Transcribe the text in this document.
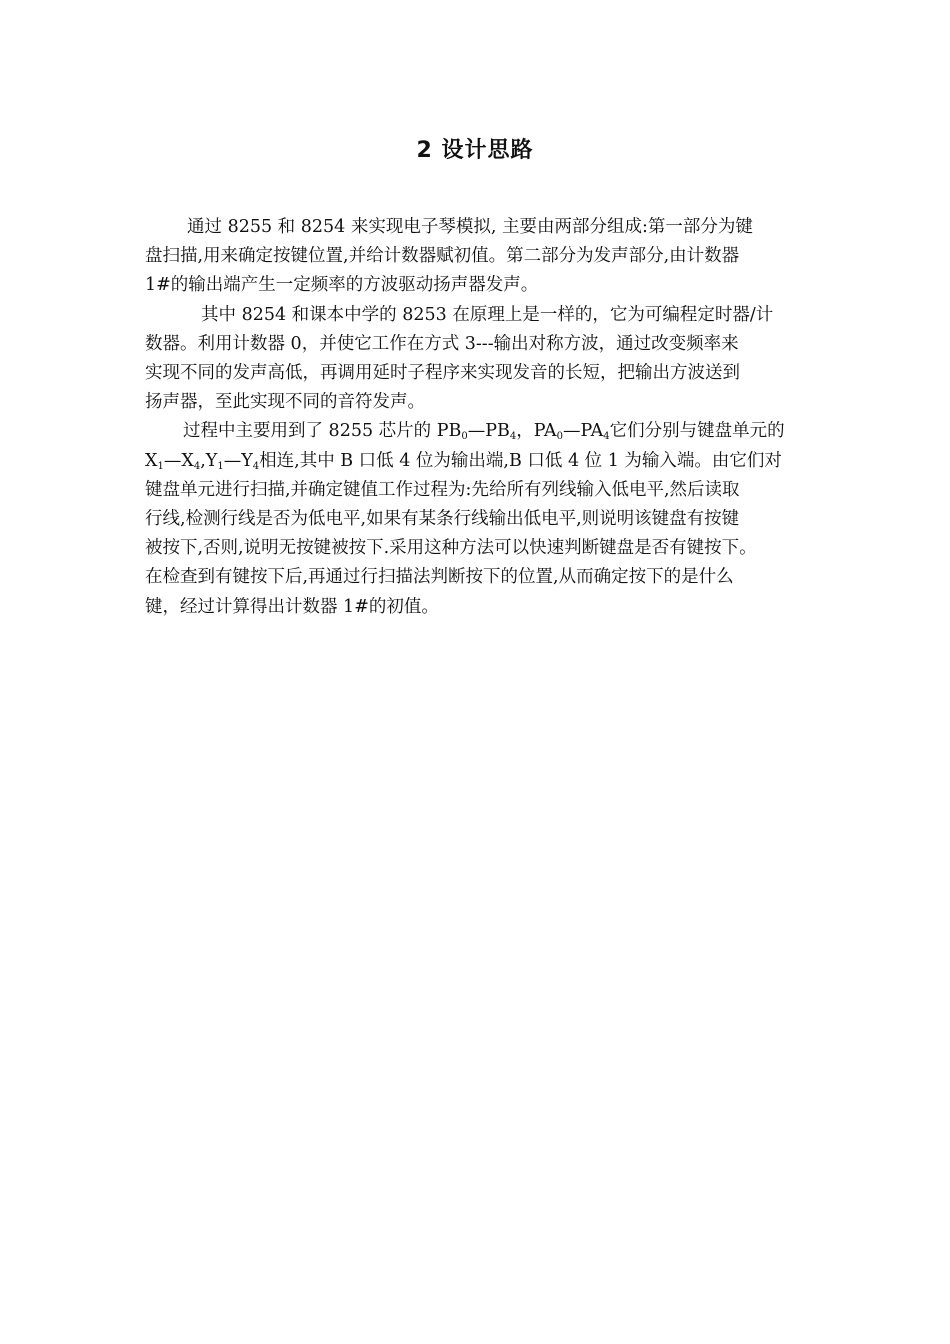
2 设计思路

通过 8255 和 8254 来实现电子琴模拟, 主要由两部分组成:第一部分为键
盘扫描,用来确定按键位置,并给计数器赋初值。第二部分为发声部分,由计数器
1#的输出端产生一定频率的方波驱动扬声器发声。

其中 8254 和课本中学的 8253 在原理上是一样的，它为可编程定时器/计
数器。利用计数器 0，并使它工作在方式 3---输出对称方波，通过改变频率来
实现不同的发声高低，再调用延时子程序来实现发音的长短，把输出方波送到
扬声器，至此实现不同的音符发声。

过程中主要用到了 8255 芯片的 $PB_0—PB_4$，$PA_0—PA_4$它们分别与键盘单元的
$X_1—X_4,Y_1—Y_4$相连,其中 B 口低 4 位为输出端,B 口低 4 位 1 为输入端。由它们对
键盘单元进行扫描,并确定键值工作过程为:先给所有列线输入低电平,然后读取
行线,检测行线是否为低电平,如果有某条行线输出低电平,则说明该键盘有按键
被按下,否则,说明无按键被按下.采用这种方法可以快速判断键盘是否有键按下。
在检查到有键按下后,再通过行扫描法判断按下的位置,从而确定按下的是什么
键，经过计算得出计数器 1#的初值。
